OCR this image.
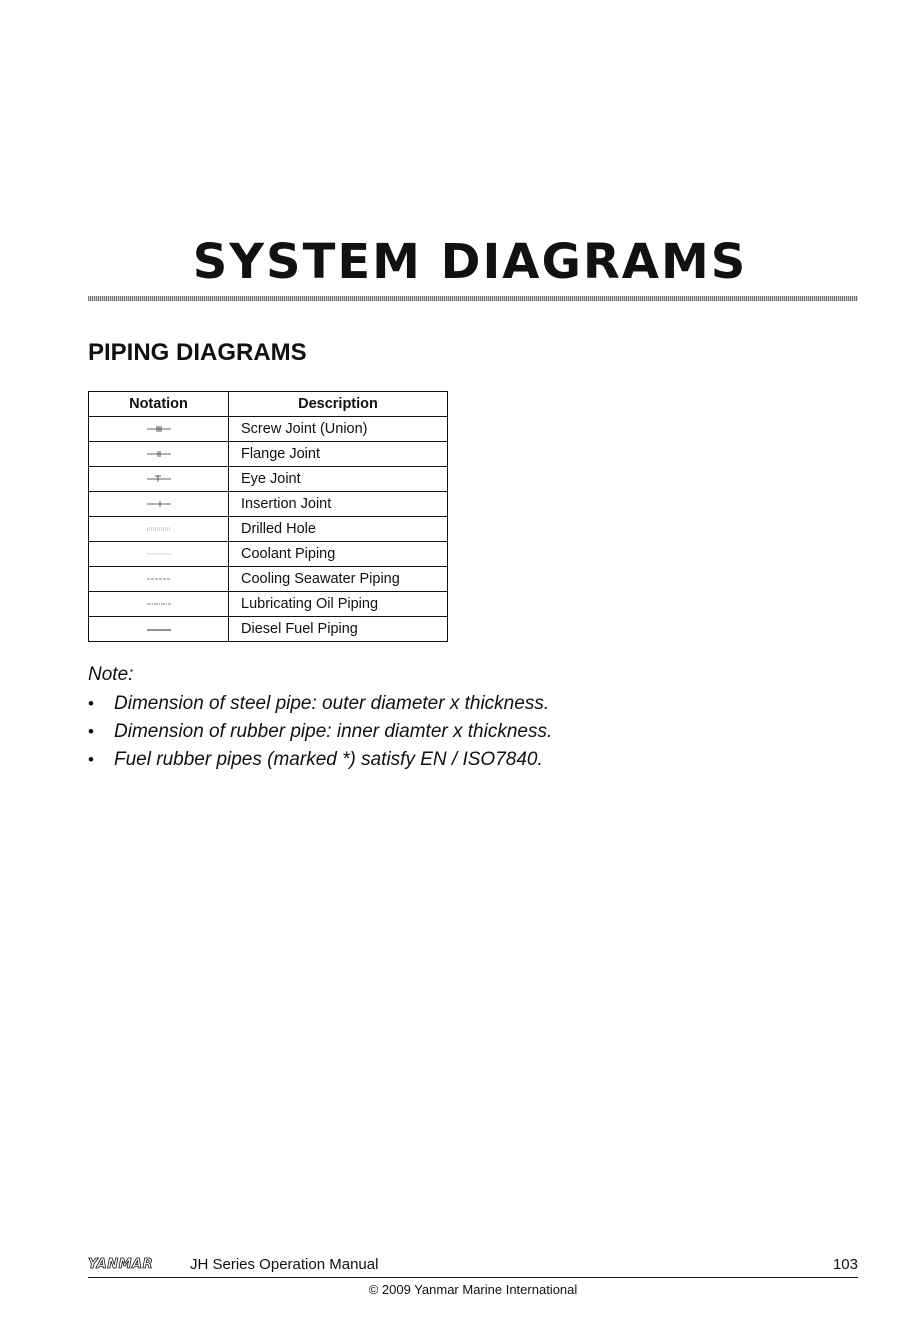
SYSTEM DIAGRAMS
PIPING DIAGRAMS
Notation	Description
	Screw Joint (Union)
	Flange Joint
	Eye Joint
	Insertion Joint
	Drilled Hole
	Coolant Piping
	Cooling Seawater Piping
	Lubricating Oil Piping
	Diesel Fuel Piping

Note:

• Dimension of steel pipe: outer diameter x thickness.
• Dimension of rubber pipe: inner diamter x thickness.
• Fuel rubber pipes (marked *) satisfy EN / ISO7840.
YANMAR JH Series Operation Manual	103
© 2009 Yanmar Marine International
